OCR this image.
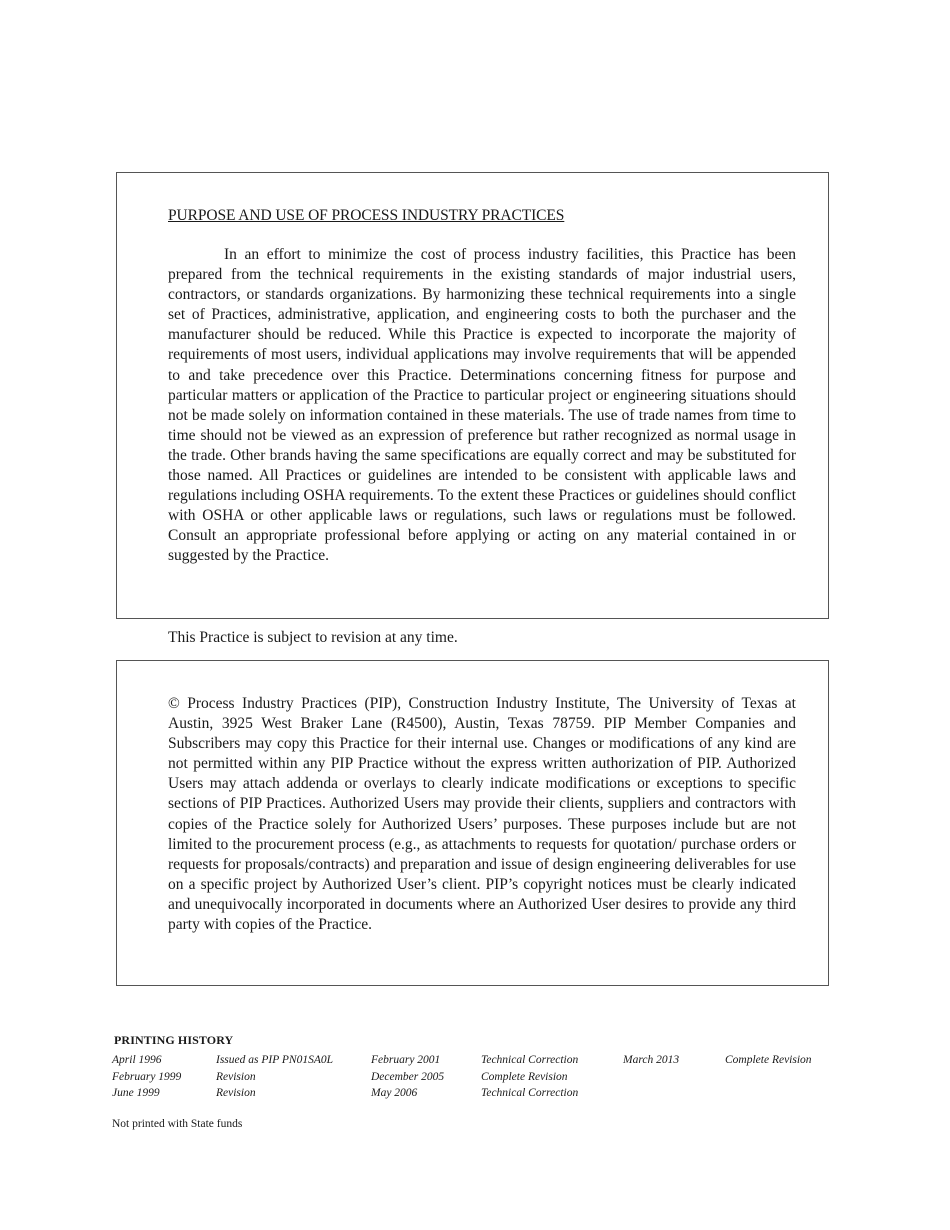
PURPOSE AND USE OF PROCESS INDUSTRY PRACTICES

In an effort to minimize the cost of process industry facilities, this Practice has been prepared from the technical requirements in the existing standards of major industrial users, contractors, or standards organizations. By harmonizing these technical requirements into a single set of Practices, administrative, application, and engineering costs to both the purchaser and the manufacturer should be reduced. While this Practice is expected to incorporate the majority of requirements of most users, individual applications may involve requirements that will be appended to and take precedence over this Practice. Determinations concerning fitness for purpose and particular matters or application of the Practice to particular project or engineering situations should not be made solely on information contained in these materials. The use of trade names from time to time should not be viewed as an expression of preference but rather recognized as normal usage in the trade. Other brands having the same specifications are equally correct and may be substituted for those named. All Practices or guidelines are intended to be consistent with applicable laws and regulations including OSHA requirements. To the extent these Practices or guidelines should conflict with OSHA or other applicable laws or regulations, such laws or regulations must be followed. Consult an appropriate professional before applying or acting on any material contained in or suggested by the Practice.

This Practice is subject to revision at any time.

© Process Industry Practices (PIP), Construction Industry Institute, The University of Texas at Austin, 3925 West Braker Lane (R4500), Austin, Texas 78759. PIP Member Companies and Subscribers may copy this Practice for their internal use. Changes or modifications of any kind are not permitted within any PIP Practice without the express written authorization of PIP. Authorized Users may attach addenda or overlays to clearly indicate modifications or exceptions to specific sections of PIP Practices. Authorized Users may provide their clients, suppliers and contractors with copies of the Practice solely for Authorized Users’ purposes. These purposes include but are not limited to the procurement process (e.g., as attachments to requests for quotation/ purchase orders or requests for proposals/contracts) and preparation and issue of design engineering deliverables for use on a specific project by Authorized User’s client. PIP’s copyright notices must be clearly indicated and unequivocally incorporated in documents where an Authorized User desires to provide any third party with copies of the Practice.

PRINTING HISTORY

April 1996	Issued as PIP PN01SA0L	February 2001	Technical Correction	March 2013	Complete Revision
February 1999	Revision	December 2005	Complete Revision
June 1999	Revision	May 2006	Technical Correction

Not printed with State funds
